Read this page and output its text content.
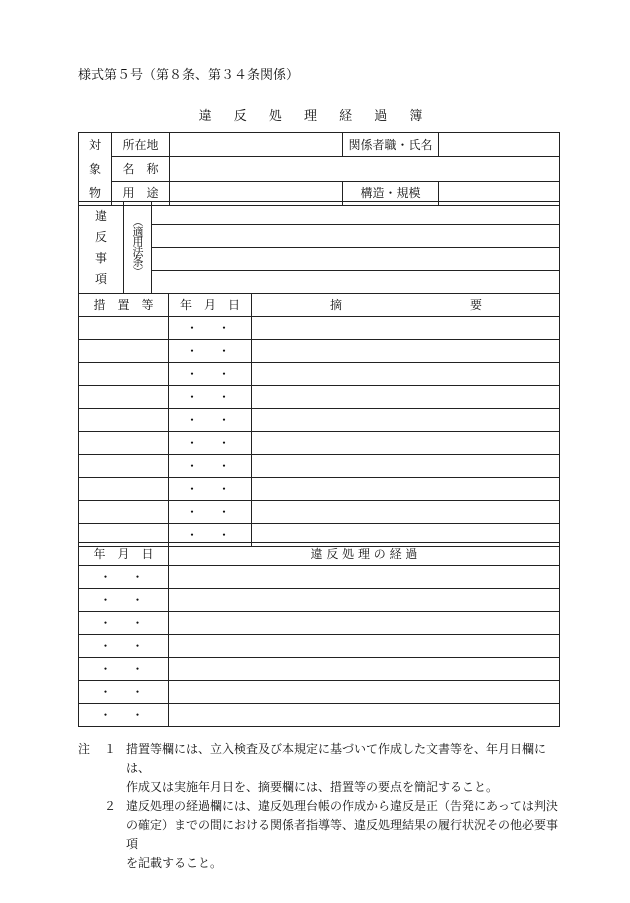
様式第５号（第８条、第３４条関係）
違 反 処 理 経 過 簿
対
象
物	所在地		関係者職・氏名	
	名　称			
	用　途		構造・規模	
違
反
事
項
	（適用法条）	

措　置　等	年　月　日	摘 要

	・　・	
	・　・	
	・　・	
	・　・	
	・　・	
	・　・	
	・　・	
	・　・	
	・　・	
	・　・	
年　月　日	違 反 処 理 の 経 過
・　・	
・　・	
・　・	
・　・	
・　・	
・　・	
・　・	
注	１ 措置等欄には、立入検査及び本規定に基づいて作成した文書等を、年月日欄には、
作成又は実施年月日を、摘要欄には、措置等の要点を簡記すること。
２ 違反処理の経過欄には、違反処理台帳の作成から違反是正（告発にあっては判決
の確定）までの間における関係者指導等、違反処理結果の履行状況その他必要事項
を記載すること。
